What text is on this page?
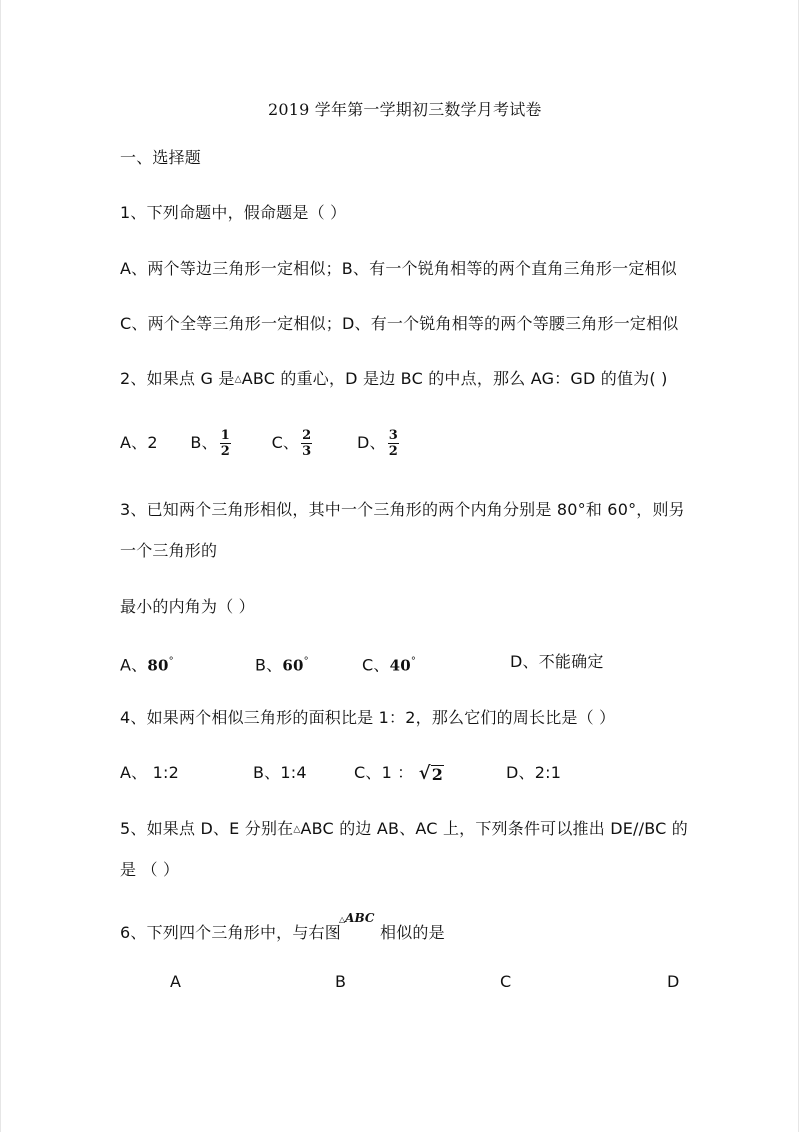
2019 学年第一学期初三数学月考试卷
一、选择题
1、下列命题中，假命题是（ ）
A、两个等边三角形一定相似；B、有一个锐角相等的两个直角三角形一定相似
C、两个全等三角形一定相似；D、有一个锐角相等的两个等腰三角形一定相似
2、如果点 G 是△ABC 的重心，D 是边 BC 的中点，那么 AG：GD 的值为( )
A、2 B、 $\frac{1}{2}$	C、 $\frac{2}{3}$	D、 $\frac{3}{2}$
3、已知两个三角形相似，其中一个三角形的两个内角分别是 80°和 60°，则另
一个三角形的
最小的内角为（ ）
A、80°	B、60°	C、40°	D、不能确定
4、如果两个相似三角形的面积比是 1：2，那么它们的周长比是（ ）
A、 1:2	B、1:4	C、1 ： √ 2	D、2:1
5、如果点 D、E 分别在△ABC 的边 AB、AC 上，下列条件可以推出 DE//BC 的
是 （ ）
6、下列四个三角形中，与右图
△ABC
相似的是
A	B	C	D
